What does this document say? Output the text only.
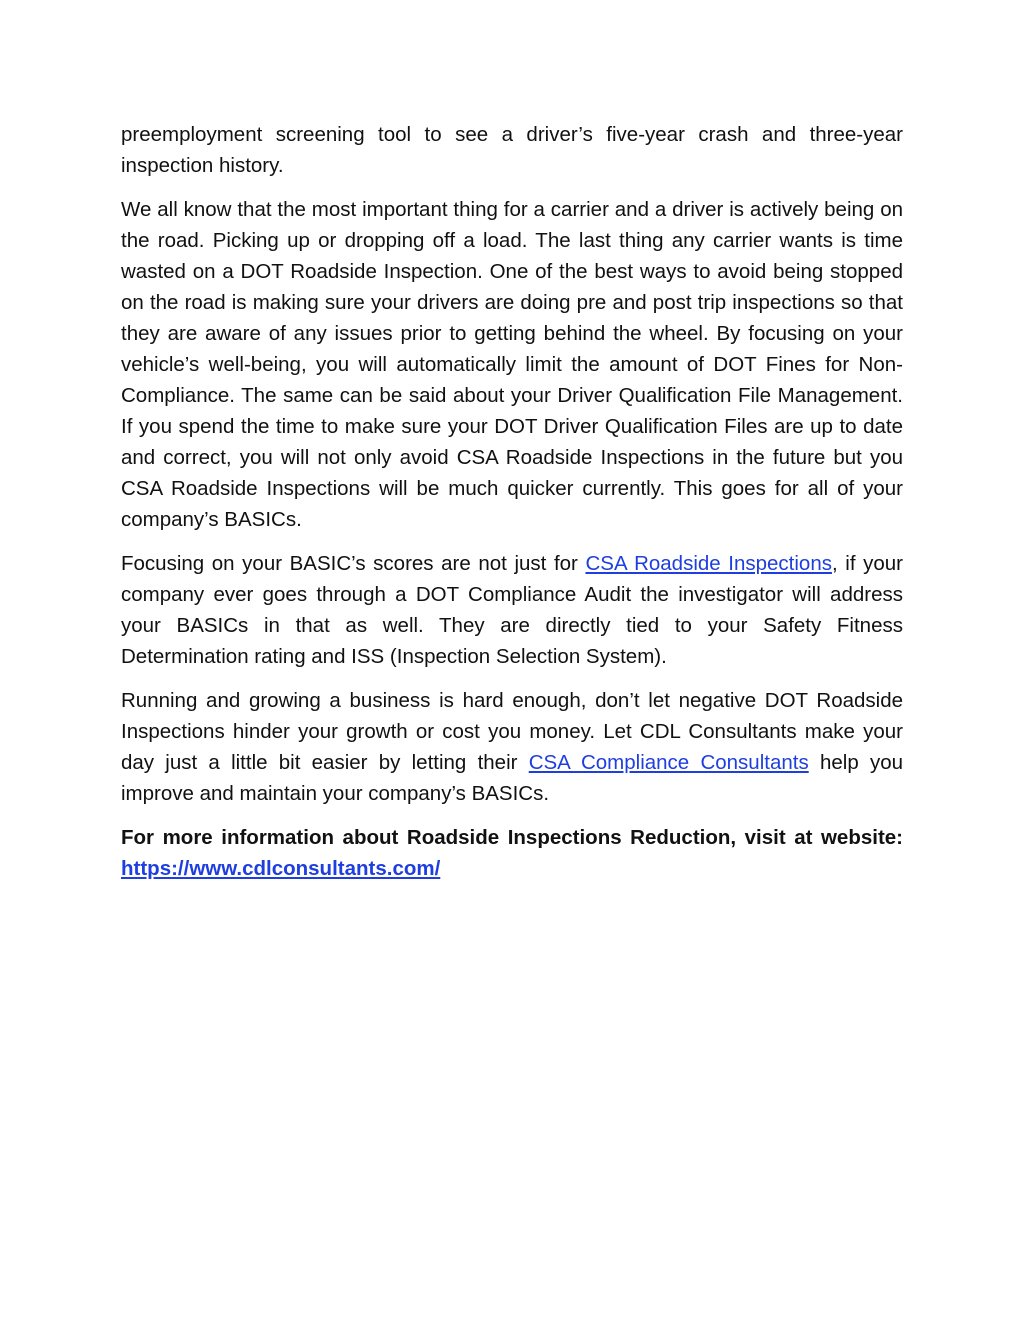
preemployment screening tool to see a driver’s five-year crash and three-year inspection history.

We all know that the most important thing for a carrier and a driver is actively being on the road. Picking up or dropping off a load. The last thing any carrier wants is time wasted on a DOT Roadside Inspection. One of the best ways to avoid being stopped on the road is making sure your drivers are doing pre and post trip inspections so that they are aware of any issues prior to getting behind the wheel. By focusing on your vehicle’s well-being, you will automatically limit the amount of DOT Fines for Non-Compliance. The same can be said about your Driver Qualification File Management. If you spend the time to make sure your DOT Driver Qualification Files are up to date and correct, you will not only avoid CSA Roadside Inspections in the future but you CSA Roadside Inspections will be much quicker currently. This goes for all of your company’s BASICs.

Focusing on your BASIC’s scores are not just for CSA Roadside Inspections, if your company ever goes through a DOT Compliance Audit the investigator will address your BASICs in that as well. They are directly tied to your Safety Fitness Determination rating and ISS (Inspection Selection System).

Running and growing a business is hard enough, don’t let negative DOT Roadside Inspections hinder your growth or cost you money. Let CDL Consultants make your day just a little bit easier by letting their CSA Compliance Consultants help you improve and maintain your company’s BASICs.

For more information about Roadside Inspections Reduction, visit at website: https://www.cdlconsultants.com/
